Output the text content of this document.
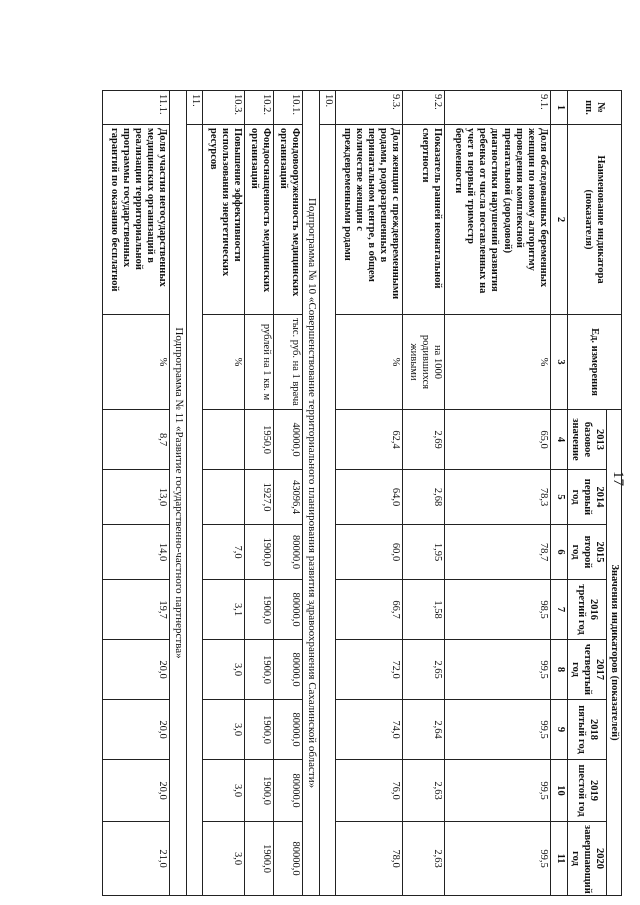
17
№ пп.	Наименование индикатора (показателя)	Ед. измерения	Значения индикаторов (показателей)							
			2013 базовое значение	2014 первый год	2015 второй год	2016 третий год	2017 четвертый год	2018 пятый год	2019 шестой год	2020 завершающий год
1	2	3	4	5	6	7	8	9	10	11
9.1.	Доля обследованных беременных женщин по новому алгоритму проведения комплексной пренатальной (дородовой) диагностики нарушений развития ребенка от числа поставленных на учет в первый триместр беременности	%	65,0	78,3	78,7	98,5	99,5	99,5	99,5	99,5
9.2.	Показатель ранней неонатальной смертности	на 1000 родившихся живыми	2,69	2,68	1,95	1,58	2,65	2,64	2,63	2,63
9.3.	Доля женщин с преждевременными родами, родоразрешенных в перинатальном центре, в общем количестве женщин с преждевременными родами	%	62,4	64,0	60,0	66,7	72,0	74,0	76,0	78,0
10.										
Подпрограмма № 10 «Совершенствование территориального планирования развития здравоохранения Сахалинской области»										
10.1.	Фондовооруженность медицинских организаций	тыс. руб. на 1 врача	40000,0	43096,4	80000,0	80000,0	80000,0	80000,0	80000,0	80000,0
10.2.	Фондооснащенность медицинских организаций	рублей на 1 кв. м	1950,0	1927,0	1900,0	1900,0	1900,0	1900,0	1900,0	1900,0
10.3.	Повышение эффективности использования энергетических ресурсов	%			7,0	3,1	3,0	3,0	3,0	3,0
11.										
Подпрограмма № 11 «Развитие государственно-частного партнерства»										
11.1.	Доля участия негосударственных медицинских организаций в реализации территориальной программы государственных гарантий по оказанию бесплатной	%	8,7	13,0	14,0	19,7	20,0	20,0	20,0	21,0
